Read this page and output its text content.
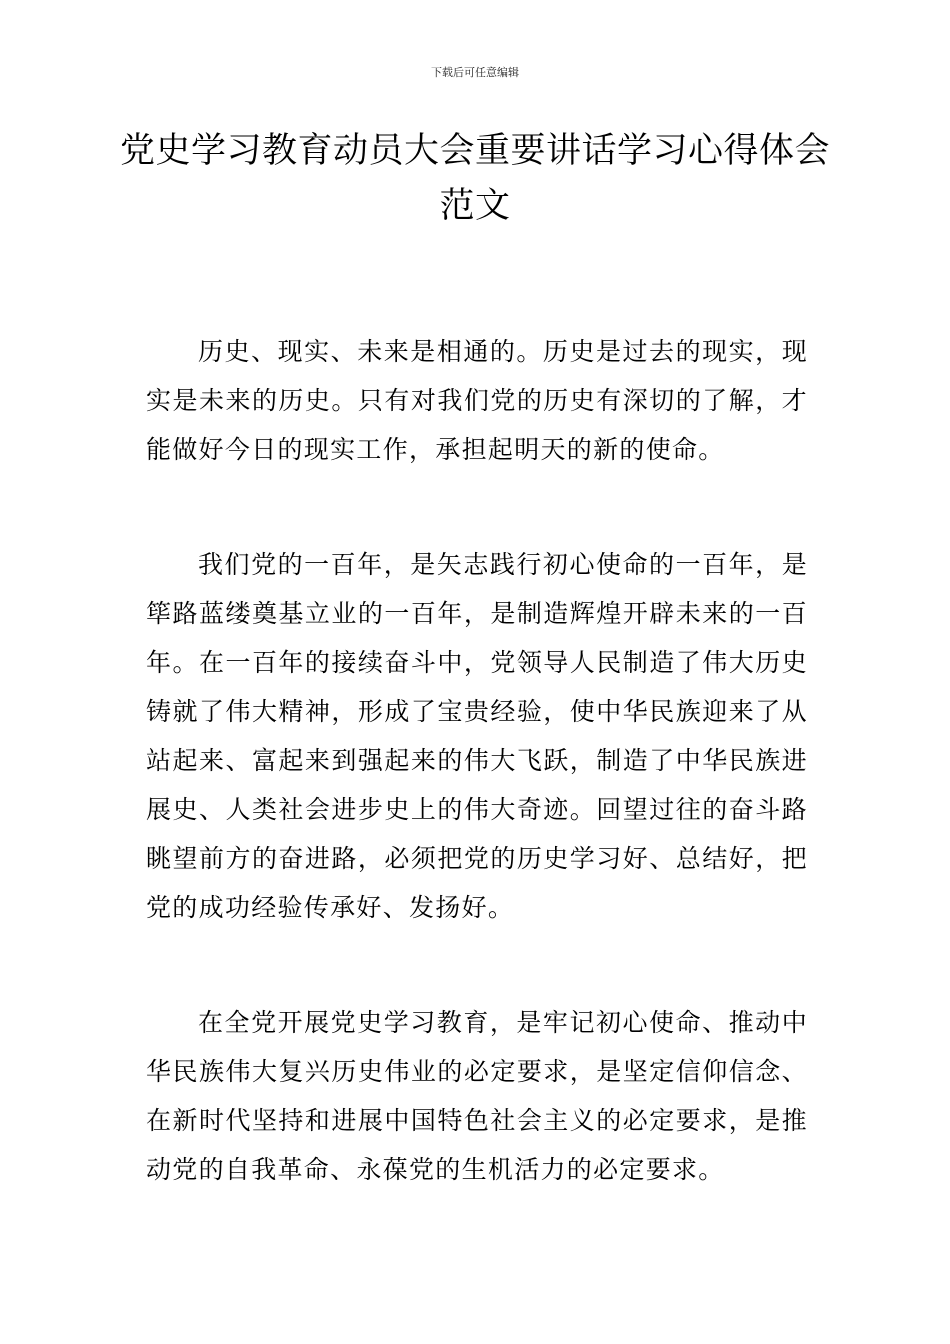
下载后可任意编辑
党史学习教育动员大会重要讲话学习心得体会范文

历史、现实、未来是相通的。历史是过去的现实，现实是未来的历史。只有对我们党的历史有深切的了解，才能做好今日的现实工作，承担起明天的新的使命。

我们党的一百年，是矢志践行初心使命的一百年，是筚路蓝缕奠基立业的一百年，是制造辉煌开辟未来的一百年。在一百年的接续奋斗中，党领导人民制造了伟大历史铸就了伟大精神，形成了宝贵经验，使中华民族迎来了从站起来、富起来到强起来的伟大飞跃，制造了中华民族进展史、人类社会进步史上的伟大奇迹。回望过往的奋斗路眺望前方的奋进路，必须把党的历史学习好、总结好，把党的成功经验传承好、发扬好。

在全党开展党史学习教育，是牢记初心使命、推动中华民族伟大复兴历史伟业的必定要求，是坚定信仰信念、在新时代坚持和进展中国特色社会主义的必定要求，是推动党的自我革命、永葆党的生机活力的必定要求。
